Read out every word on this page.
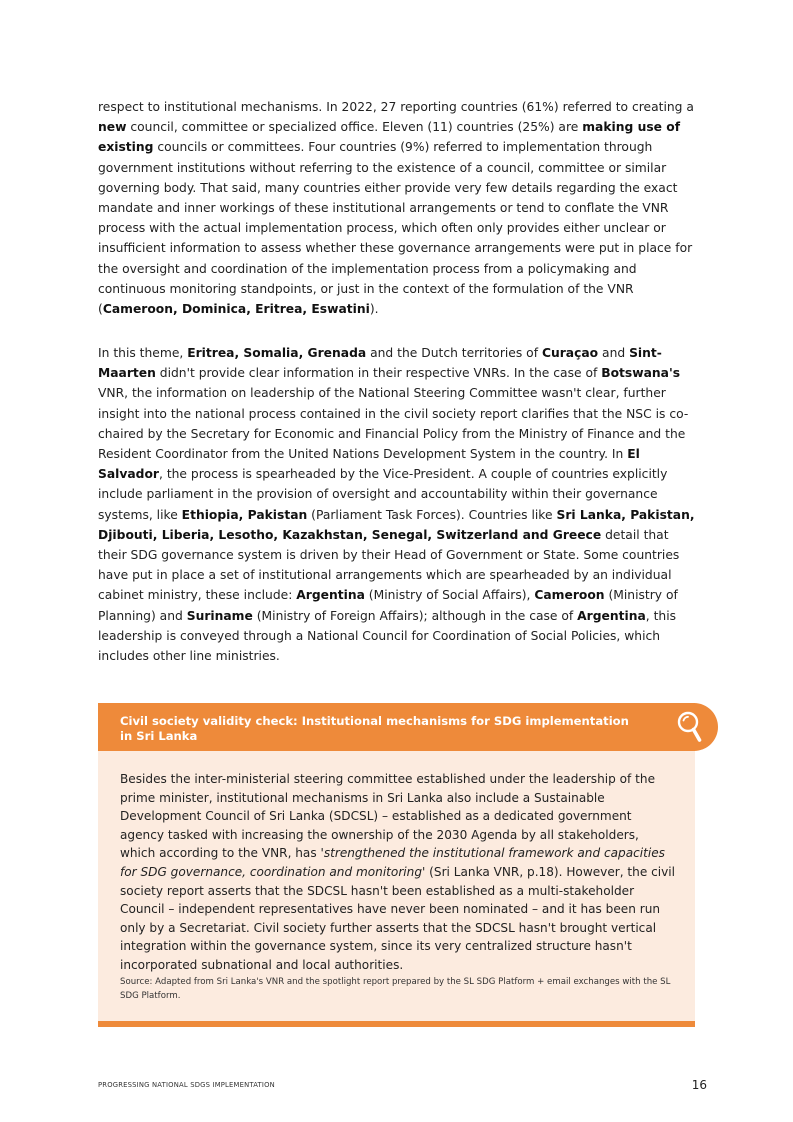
respect to institutional mechanisms. In 2022, 27 reporting countries (61%) referred to creating a new council, committee or specialized office. Eleven (11) countries (25%) are making use of existing councils or committees. Four countries (9%) referred to implementation through government institutions without referring to the existence of a council, committee or similar governing body. That said, many countries either provide very few details regarding the exact mandate and inner workings of these institutional arrangements or tend to conflate the VNR process with the actual implementation process, which often only provides either unclear or insufficient information to assess whether these governance arrangements were put in place for the oversight and coordination of the implementation process from a policymaking and continuous monitoring standpoints, or just in the context of the formulation of the VNR (Cameroon, Dominica, Eritrea, Eswatini).

In this theme, Eritrea, Somalia, Grenada and the Dutch territories of Curaçao and Sint-Maarten didn't provide clear information in their respective VNRs. In the case of Botswana's VNR, the information on leadership of the National Steering Committee wasn't clear, further insight into the national process contained in the civil society report clarifies that the NSC is co-chaired by the Secretary for Economic and Financial Policy from the Ministry of Finance and the Resident Coordinator from the United Nations Development System in the country. In El Salvador, the process is spearheaded by the Vice-President. A couple of countries explicitly include parliament in the provision of oversight and accountability within their governance systems, like Ethiopia, Pakistan (Parliament Task Forces). Countries like Sri Lanka, Pakistan, Djibouti, Liberia, Lesotho, Kazakhstan, Senegal, Switzerland and Greece detail that their SDG governance system is driven by their Head of Government or State. Some countries have put in place a set of institutional arrangements which are spearheaded by an individual cabinet ministry, these include: Argentina (Ministry of Social Affairs), Cameroon (Ministry of Planning) and Suriname (Ministry of Foreign Affairs); although in the case of Argentina, this leadership is conveyed through a National Council for Coordination of Social Policies, which includes other line ministries.

Civil society validity check: Institutional mechanisms for SDG implementation in Sri Lanka

Besides the inter-ministerial steering committee established under the leadership of the prime minister, institutional mechanisms in Sri Lanka also include a Sustainable Development Council of Sri Lanka (SDCSL) – established as a dedicated government agency tasked with increasing the ownership of the 2030 Agenda by all stakeholders, which according to the VNR, has 'strengthened the institutional framework and capacities for SDG governance, coordination and monitoring' (Sri Lanka VNR, p.18). However, the civil society report asserts that the SDCSL hasn't been established as a multi-stakeholder Council – independent representatives have never been nominated – and it has been run only by a Secretariat. Civil society further asserts that the SDCSL hasn't brought vertical integration within the governance system, since its very centralized structure hasn't incorporated subnational and local authorities.

Source: Adapted from Sri Lanka's VNR and the spotlight report prepared by the SL SDG Platform + email exchanges with the SL SDG Platform.

PROGRESSING NATIONAL SDGS IMPLEMENTATION	16
